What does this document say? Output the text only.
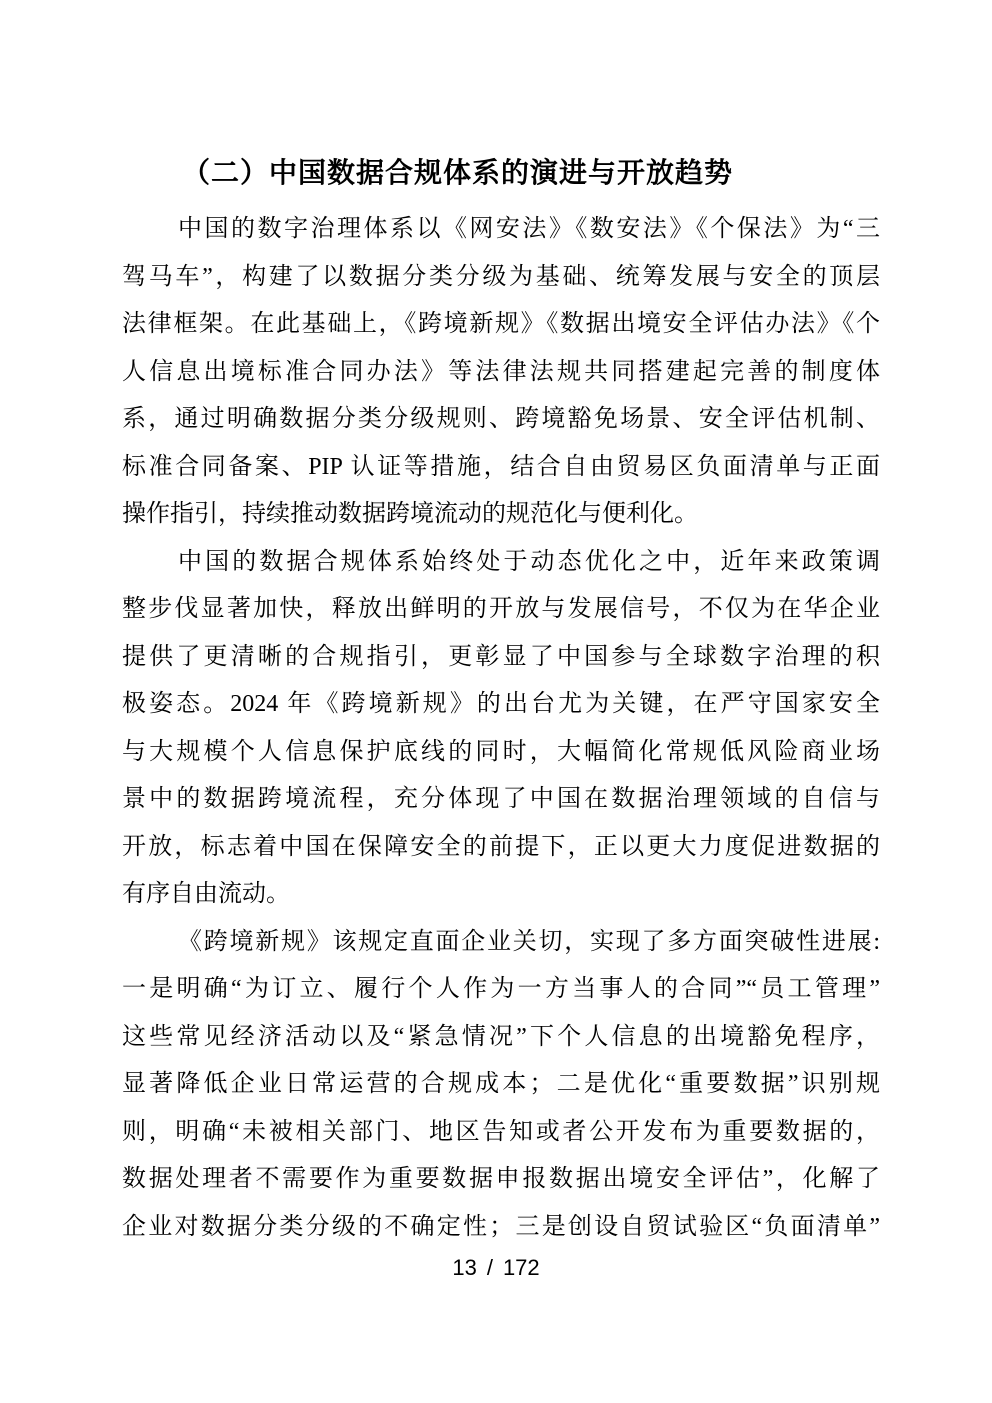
（二）中国数据合规体系的演进与开放趋势
中国的数字治理体系以《网安法》《数安法》《个保法》为“三
驾马车”，构建了以数据分类分级为基础、统筹发展与安全的顶层
法律框架。在此基础上，《跨境新规》《数据出境安全评估办法》《个
人信息出境标准合同办法》等法律法规共同搭建起完善的制度体
系，通过明确数据分类分级规则、跨境豁免场景、安全评估机制、
标准合同备案、PIP 认证等措施，结合自由贸易区负面清单与正面
操作指引，持续推动数据跨境流动的规范化与便利化。
中国的数据合规体系始终处于动态优化之中，近年来政策调
整步伐显著加快，释放出鲜明的开放与发展信号，不仅为在华企业
提供了更清晰的合规指引，更彰显了中国参与全球数字治理的积
极姿态。2024 年《跨境新规》的出台尤为关键，在严守国家安全
与大规模个人信息保护底线的同时，大幅简化常规低风险商业场
景中的数据跨境流程，充分体现了中国在数据治理领域的自信与
开放，标志着中国在保障安全的前提下，正以更大力度促进数据的
有序自由流动。
《跨境新规》该规定直面企业关切，实现了多方面突破性进展:
一是明确“为订立、履行个人作为一方当事人的合同”“员工管理”
这些常见经济活动以及“紧急情况”下个人信息的出境豁免程序，
显著降低企业日常运营的合规成本；二是优化“重要数据”识别规
则，明确“未被相关部门、地区告知或者公开发布为重要数据的，
数据处理者不需要作为重要数据申报数据出境安全评估”，化解了
企业对数据分类分级的不确定性；三是创设自贸试验区“负面清单”
13 / 172
